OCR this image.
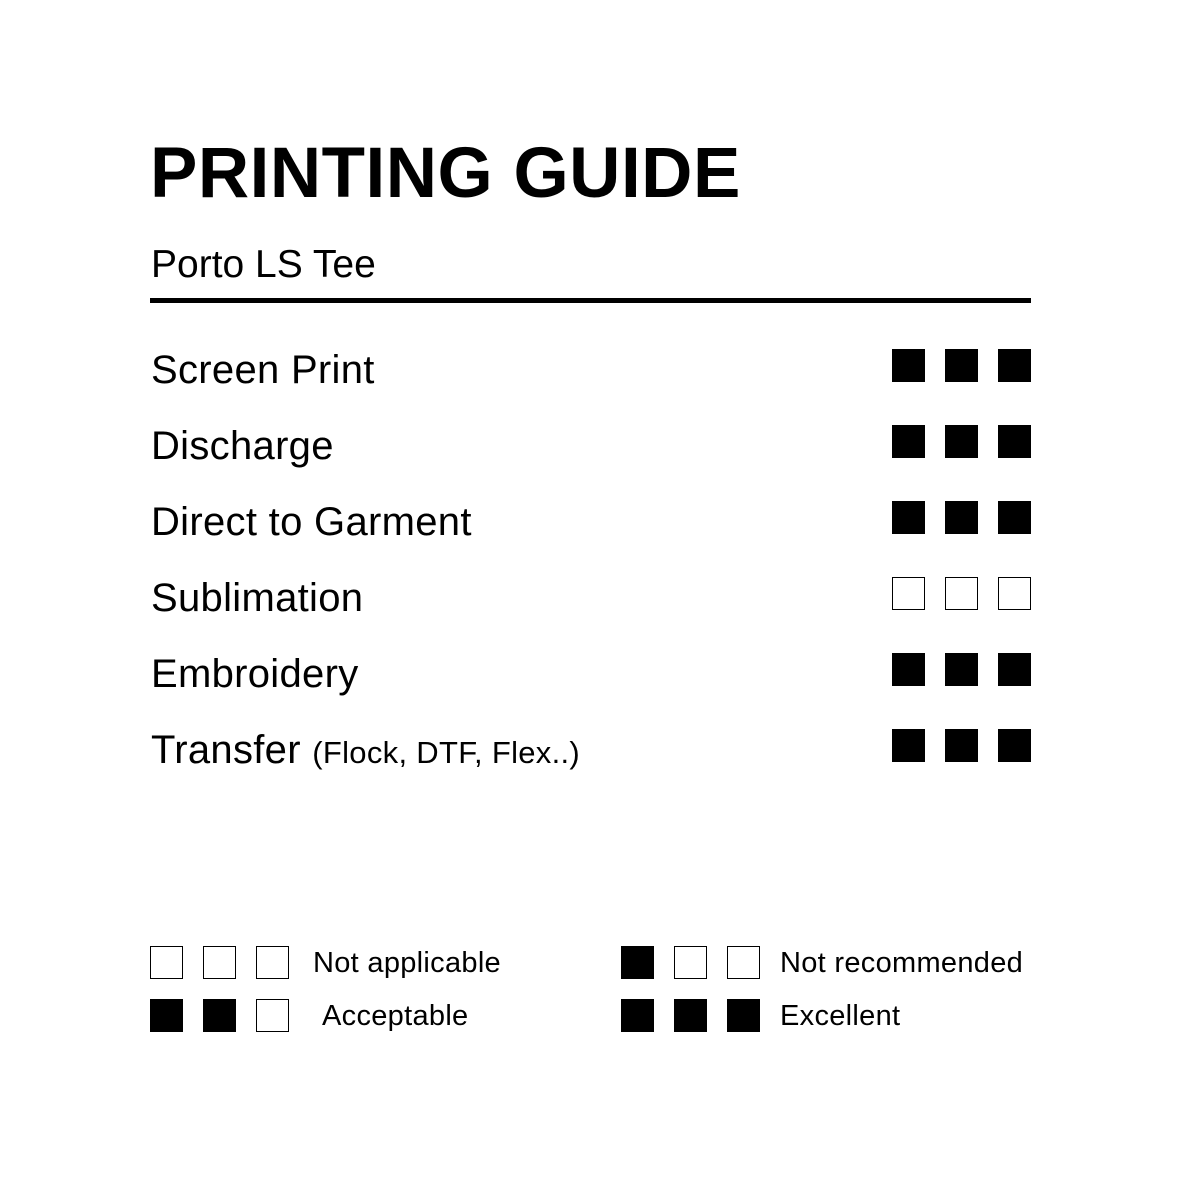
PRINTING GUIDE
Porto LS Tee
Screen Print
Discharge
Direct to Garment
Sublimation
Embroidery
Transfer (Flock, DTF, Flex..)
Not applicable	Not recommended
Acceptable	Excellent
